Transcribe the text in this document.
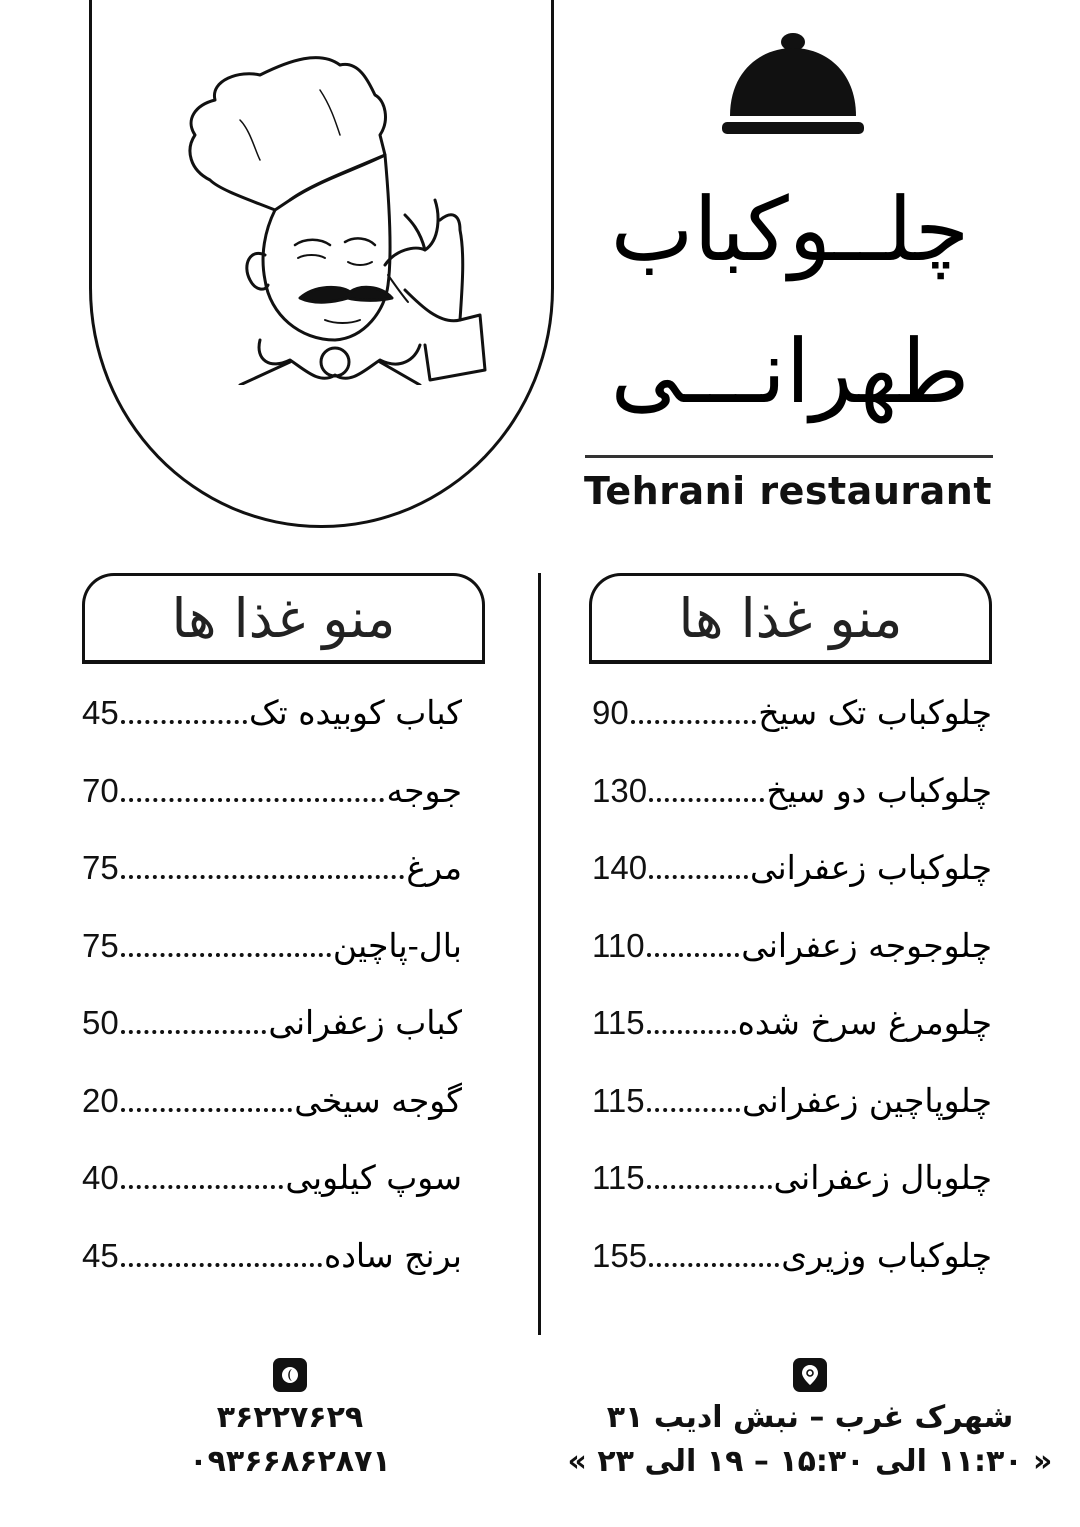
چلــوکباب
طهرانـــی
Tehrani restaurant
منو غذا ها
45	کباب کوبیده تک
70	جوجه
75	مرغ
75	بال-پاچین
50	کباب زعفرانی
20	گوجه سیخی
40	سوپ کیلویی
45	برنج ساده
منو غذا ها
90	چلوکباب تک سیخ
130	چلوکباب دو سیخ
140	چلوکباب زعفرانی
110	چلوجوجه زعفرانی
115	چلومرغ سرخ شده
115	چلوپاچین زعفرانی
115	چلوبال زعفرانی
155	چلوکباب وزیری
۳۶۲۲۷۶۲۹
۰۹۳۶۶۸۶۲۸۷۱
شهرک غرب – نبش ادیب ۳۱
« ۱۱:۳۰ الی ۱۵:۳۰ – ۱۹ الی ۲۳ »
